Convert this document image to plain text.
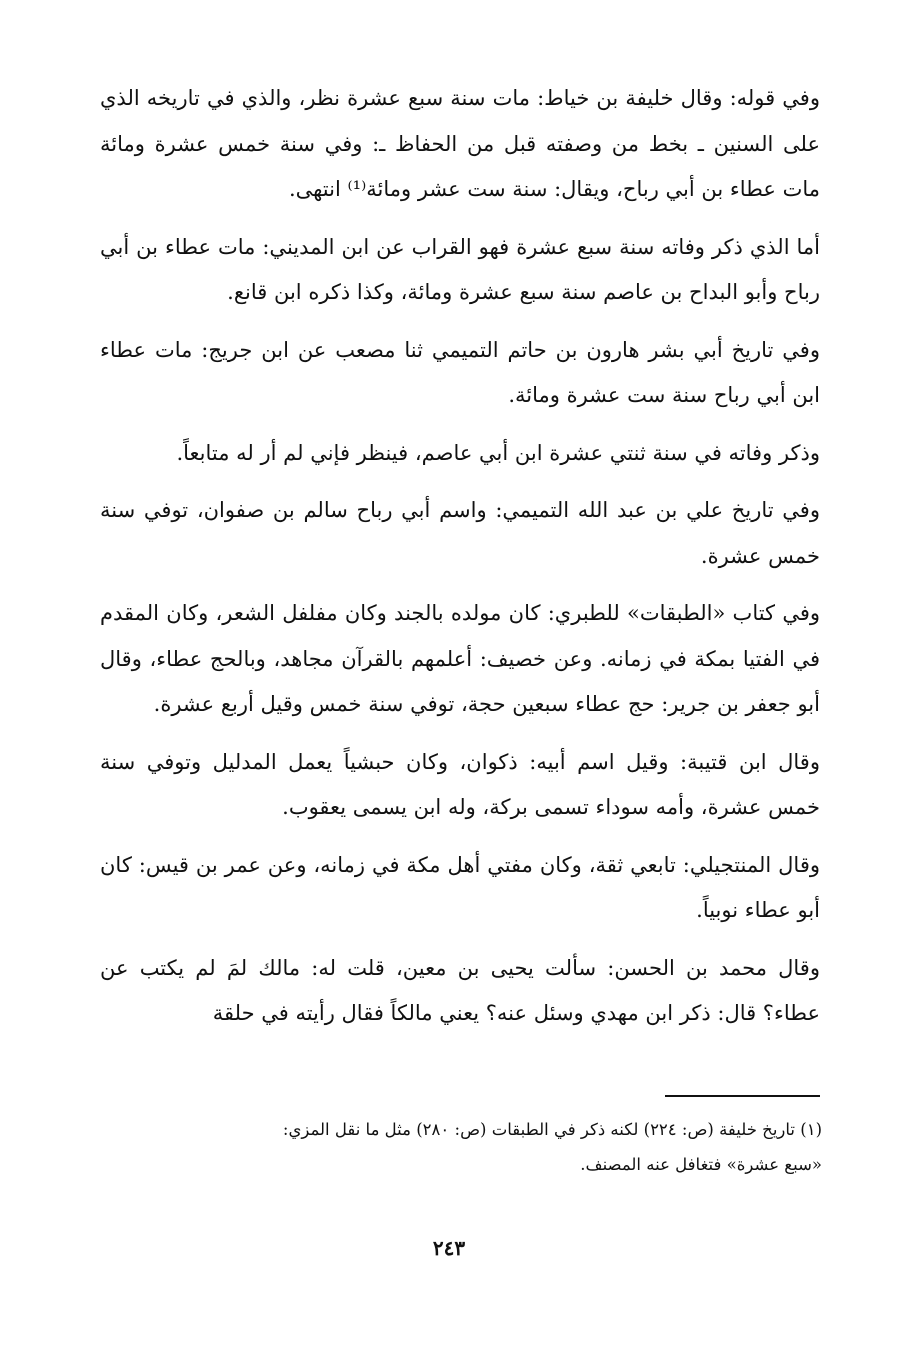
وفي قوله: وقال خليفة بن خياط: مات سنة سبع عشرة نظر، والذي في تاريخه الذي على السنين ـ بخط من وصفته قبل من الحفاظ ـ: وفي سنة خمس عشرة ومائة مات عطاء بن أبي رباح، ويقال: سنة ست عشر ومائة⁽¹⁾ انتهى.

أما الذي ذكر وفاته سنة سبع عشرة فهو القراب عن ابن المديني: مات عطاء بن أبي رباح وأبو البداح بن عاصم سنة سبع عشرة ومائة، وكذا ذكره ابن قانع.

وفي تاريخ أبي بشر هارون بن حاتم التميمي ثنا مصعب عن ابن جريج: مات عطاء ابن أبي رباح سنة ست عشرة ومائة.

وذكر وفاته في سنة ثنتي عشرة ابن أبي عاصم، فينظر فإني لم أر له متابعاً.

وفي تاريخ علي بن عبد الله التميمي: واسم أبي رباح سالم بن صفوان، توفي سنة خمس عشرة.

وفي كتاب «الطبقات» للطبري: كان مولده بالجند وكان مفلفل الشعر، وكان المقدم في الفتيا بمكة في زمانه. وعن خصيف: أعلمهم بالقرآن مجاهد، وبالحج عطاء، وقال أبو جعفر بن جرير: حج عطاء سبعين حجة، توفي سنة خمس وقيل أربع عشرة.

وقال ابن قتيبة: وقيل اسم أبيه: ذكوان، وكان حبشياً يعمل المدليل وتوفي سنة خمس عشرة، وأمه سوداء تسمى بركة، وله ابن يسمى يعقوب.

وقال المنتجيلي: تابعي ثقة، وكان مفتي أهل مكة في زمانه، وعن عمر بن قيس: كان أبو عطاء نوبياً.

وقال محمد بن الحسن: سألت يحيى بن معين، قلت له: مالك لمَ لم يكتب عن عطاء؟ قال: ذكر ابن مهدي وسئل عنه؟ يعني مالكاً فقال رأيته في حلقة

(١) تاريخ خليفة (ص: ٢٢٤) لكنه ذكر في الطبقات (ص: ٢٨٠) مثل ما نقل المزي:

«سبع عشرة» فتغافل عنه المصنف.

٢٤٣
